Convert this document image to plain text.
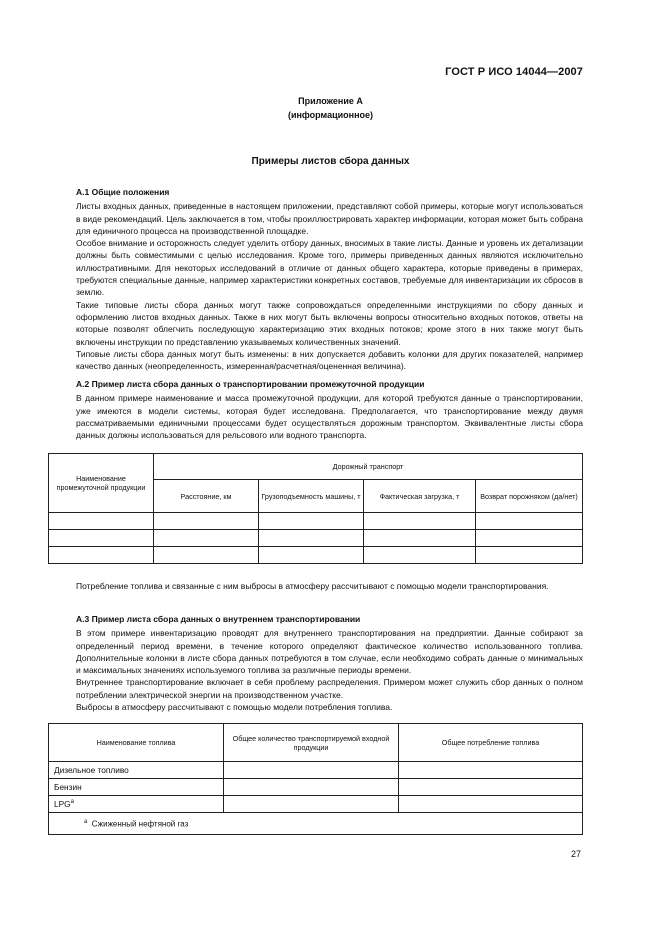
ГОСТ Р ИСО 14044—2007
Приложение А
(информационное)
Примеры листов сбора данных

А.1 Общие положения

Листы входных данных, приведенные в настоящем приложении, представляют собой примеры, которые могут использоваться в виде рекомендаций. Цель заключается в том, чтобы проиллюстрировать характер информации, которая может быть собрана для единичного процесса на производственной площадке.

Особое внимание и осторожность следует уделить отбору данных, вносимых в такие листы. Данные и уровень их детализации должны быть совместимыми с целью исследования. Кроме того, примеры приведенных данных являются исключительно иллюстративными. Для некоторых исследований в отличие от данных общего характера, которые приведены в примерах, требуются специальные данные, например характеристики конкретных составов, требуемые для инвентаризации их сбросов в землю.

Такие типовые листы сбора данных могут также сопровождаться определенными инструкциями по сбору данных и оформлению листов входных данных. Также в них могут быть включены вопросы относительно входных потоков, ответы на которые позволят облегчить последующую характеризацию этих входных потоков; кроме этого в них также могут быть включены инструкции по представлению указываемых количественных значений.

Типовые листы сбора данных могут быть изменены: в них допускается добавить колонки для других показателей, например качество данных (неопределенность, измеренная/расчетная/оцененная величина).

А.2 Пример листа сбора данных о транспортировании промежуточной продукции

В данном примере наименование и масса промежуточной продукции, для которой требуются данные о транспортировании, уже имеются в модели системы, которая будет исследована. Предполагается, что транспортирование между двумя рассматриваемыми единичными процессами будет осуществляться дорожным транспортом. Эквивалентные листы сбора данных должны использоваться для рельсового или водного транспорта.

Наименование промежуточной продукции	Дорожный транспорт			
	Расстояние, км	Грузоподъемность машины, т	Фактическая загрузка, т	Возврат порожняком (да/нет)

Потребление топлива и связанные с ним выбросы в атмосферу рассчитывают с помощью модели транспортирования.

А.3 Пример листа сбора данных о внутреннем транспортировании

В этом примере инвентаризацию проводят для внутреннего транспортирования на предприятии. Данные собирают за определенный период времени, в течение которого определяют фактическое количество использованного топлива. Дополнительные колонки в листе сбора данных потребуются в том случае, если необходимо собрать данные о минимальных и максимальных значениях используемого топлива за различные периоды времени.

Внутреннее транспортирование включает в себя проблему распределения. Примером может служить сбор данных о полном потреблении электрической энергии на производственном участке.

Выбросы в атмосферу рассчитывают с помощью модели потребления топлива.

Наименование топлива	Общее количество транспортируемой входной продукции	Общее потребление топлива
Дизельное топливо		
Бензин		
LPG$^a$		
$^a$ Сжиженный нефтяной газ		
27
